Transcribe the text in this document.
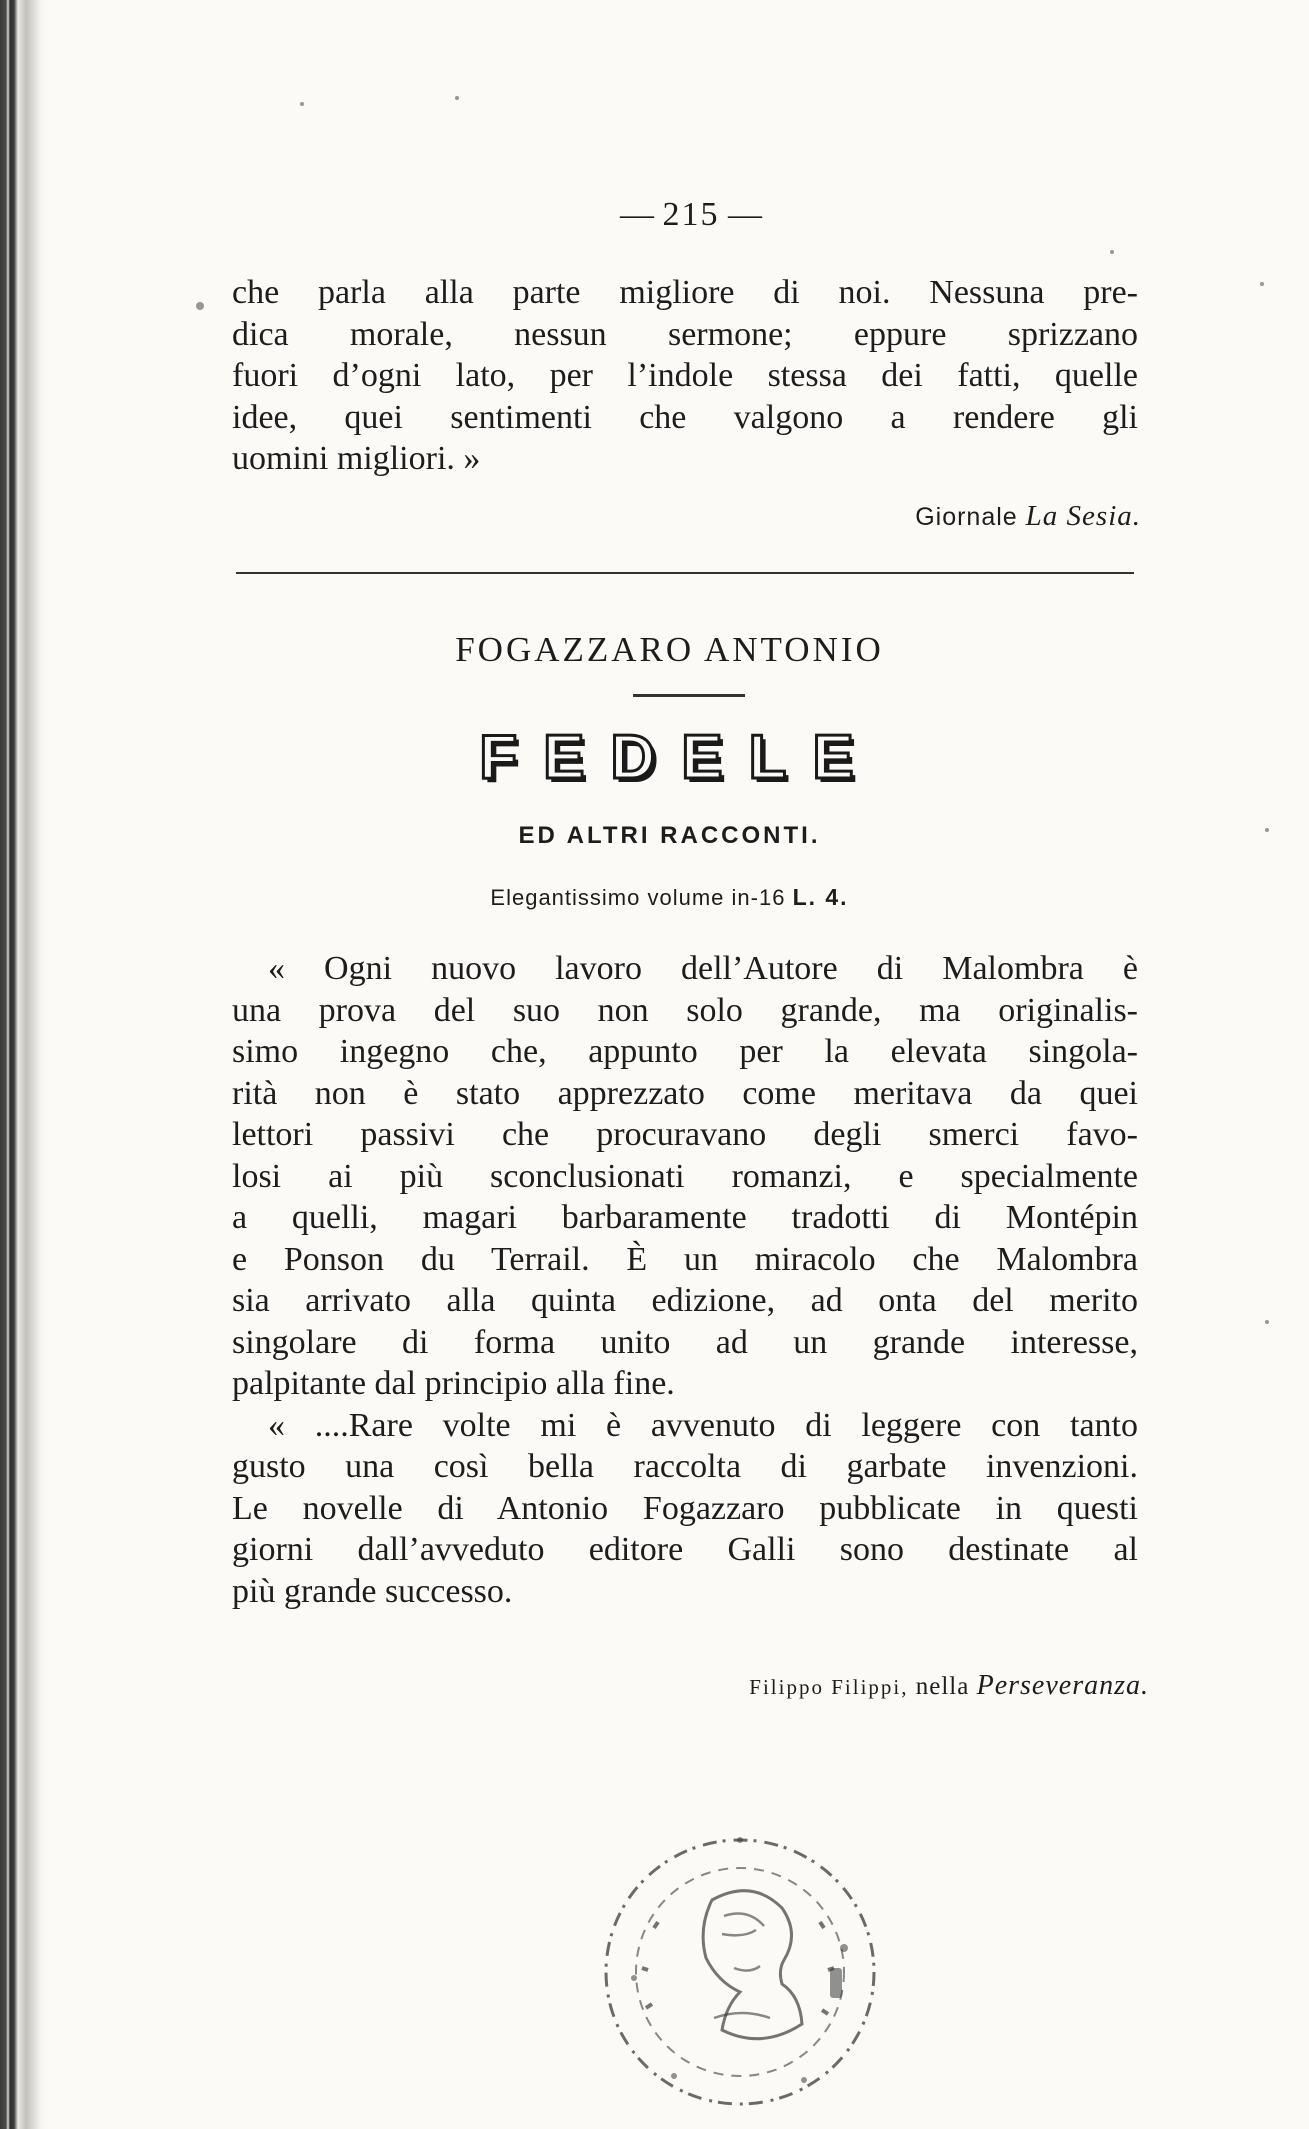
— 215 —
che parla alla parte migliore di noi. Nessuna pre-
dica morale, nessun sermone; eppure sprizzano
fuori d’ogni lato, per l’indole stessa dei fatti, quelle
idee, quei sentimenti che valgono a rendere gli
uomini migliori. »
Giornale La Sesia.
FOGAZZARO ANTONIO
FEDELE
ED ALTRI RACCONTI.
Elegantissimo volume in-16 L. 4.
« Ogni nuovo lavoro dell’Autore di Malombra è
una prova del suo non solo grande, ma originalis-
simo ingegno che, appunto per la elevata singola-
rità non è stato apprezzato come meritava da quei
lettori passivi che procuravano degli smerci favo-
losi ai più sconclusionati romanzi, e specialmente
a quelli, magari barbaramente tradotti di Montépin
e Ponson du Terrail. È un miracolo che Malombra
sia arrivato alla quinta edizione, ad onta del merito
singolare di forma unito ad un grande interesse,
palpitante dal principio alla fine.
« ....Rare volte mi è avvenuto di leggere con tanto
gusto una così bella raccolta di garbate invenzioni.
Le novelle di Antonio Fogazzaro pubblicate in questi
giorni dall’avveduto editore Galli sono destinate al
più grande successo.
Filippo Filippi, nella Perseveranza.
